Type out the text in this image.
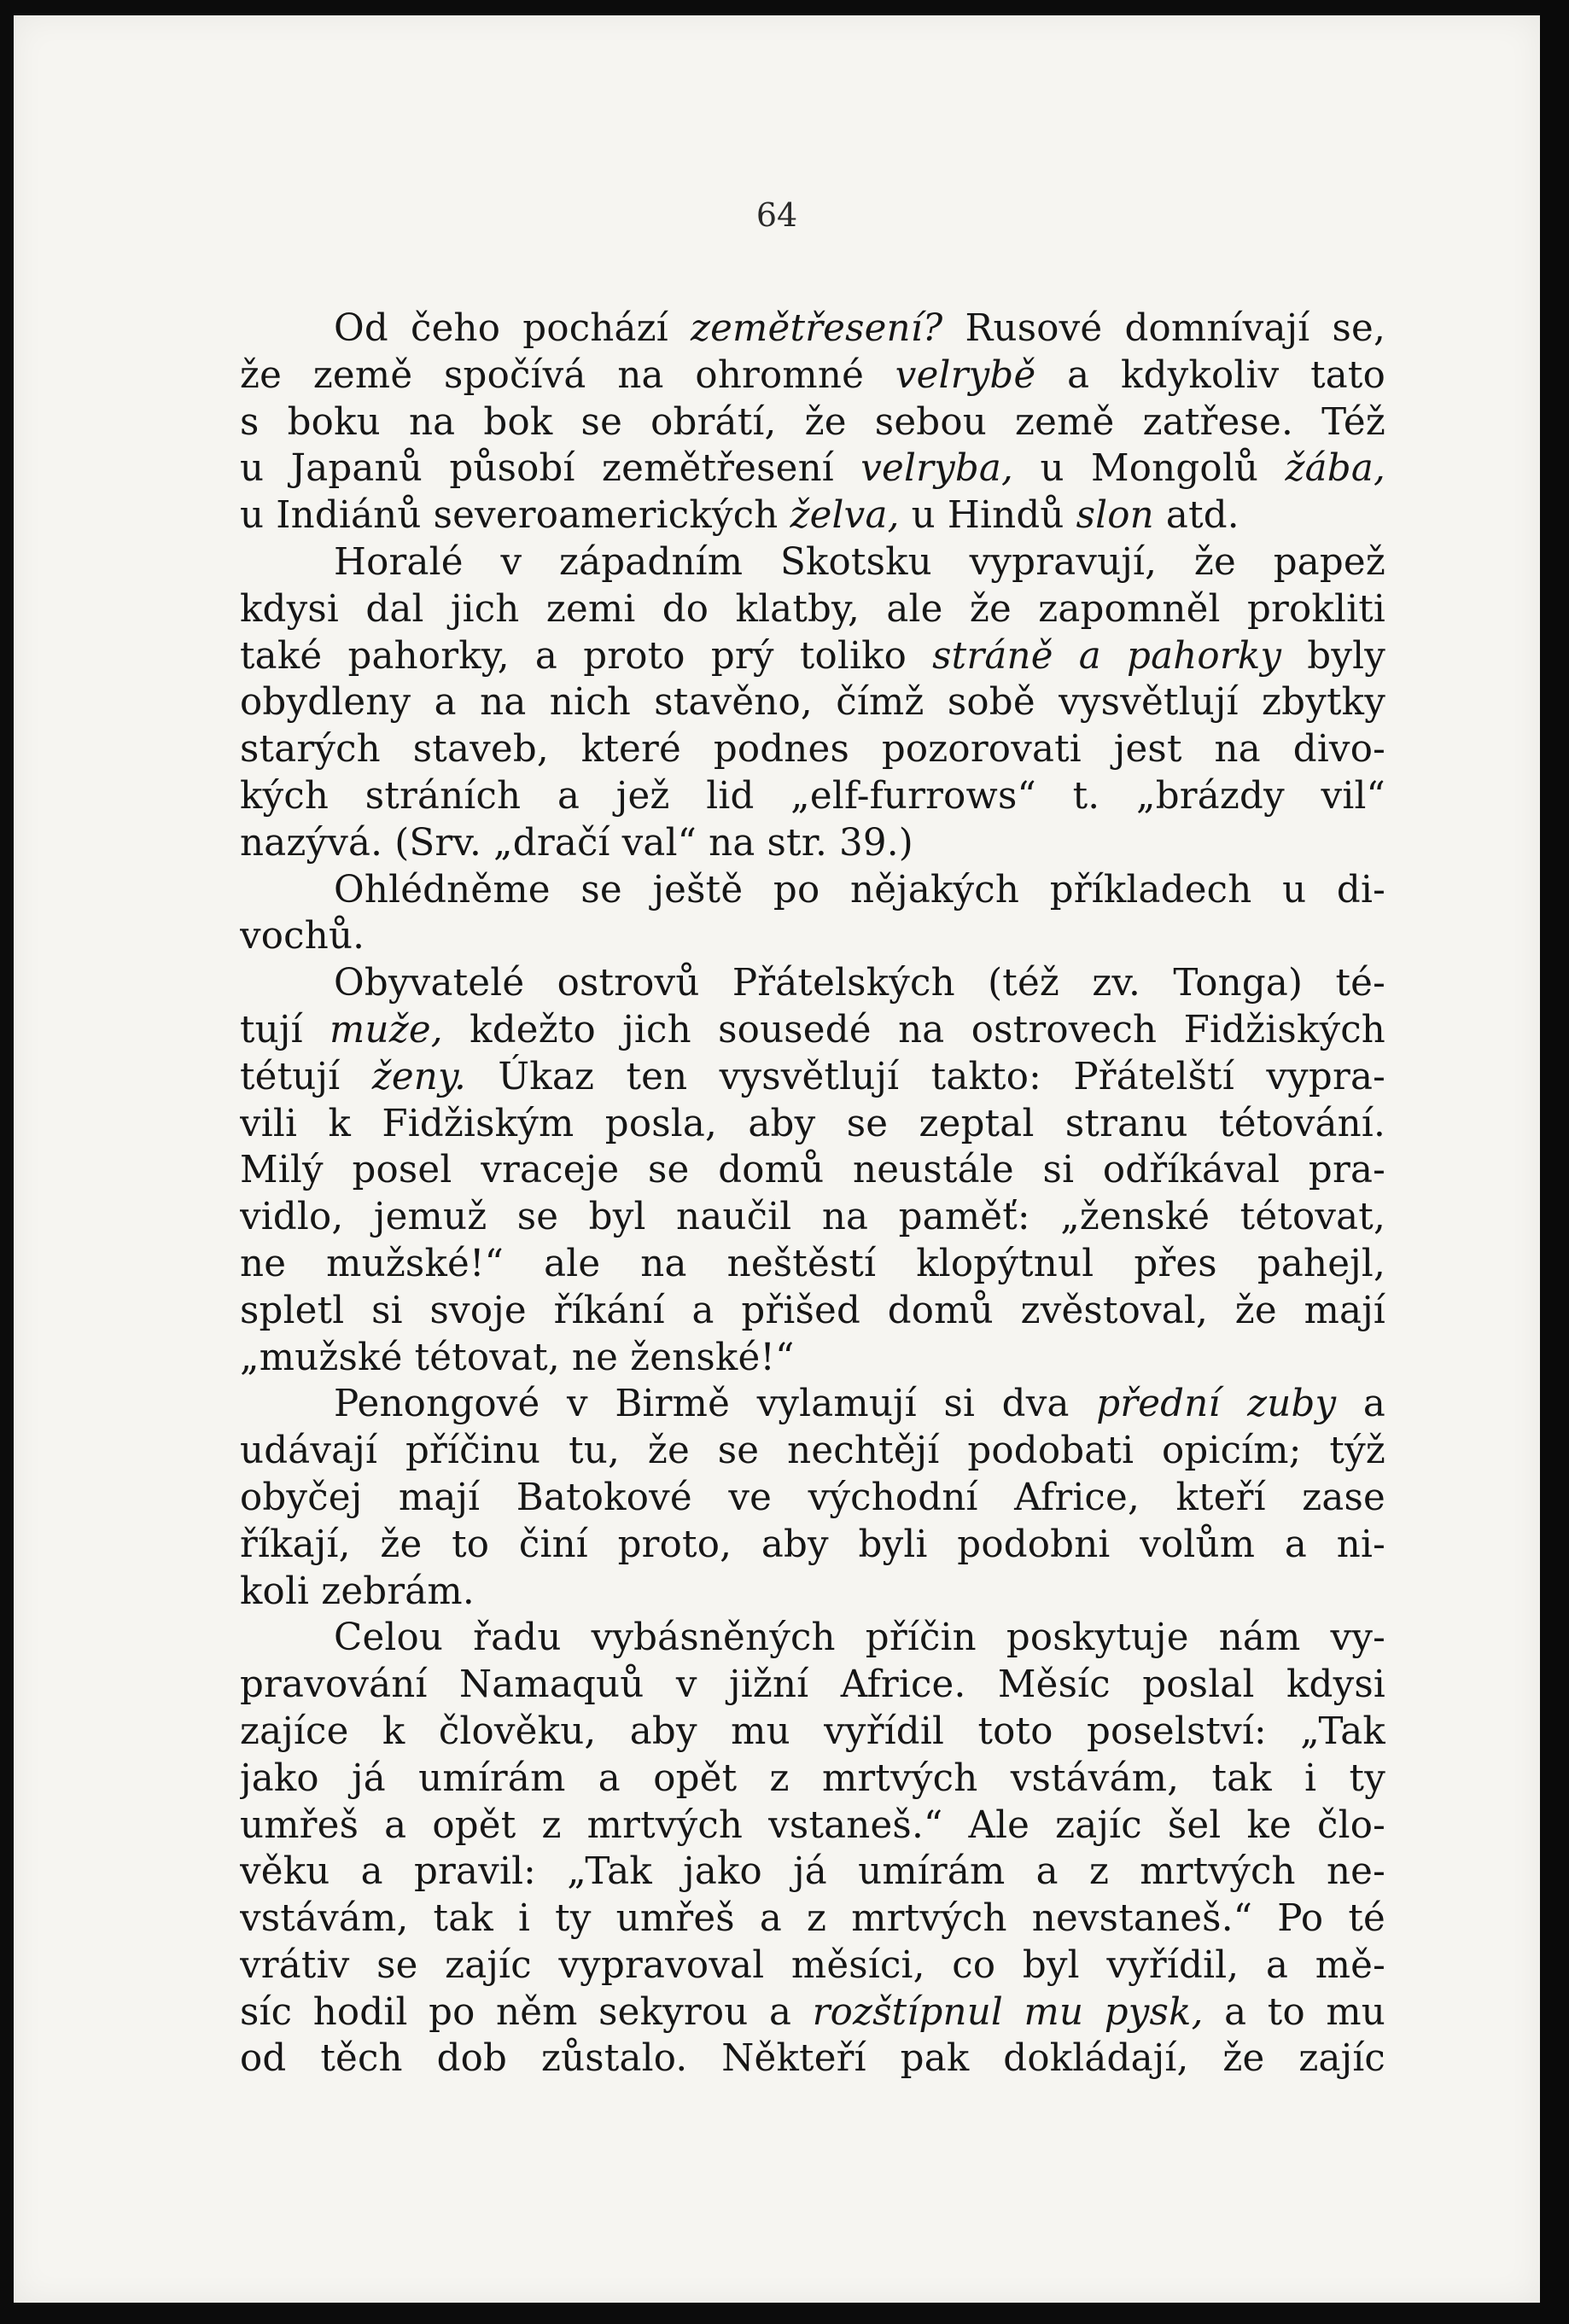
64
Od čeho pochází zemětřesení? Rusové domnívají se,
že země spočívá na ohromné velrybě a kdykoliv tato
s boku na bok se obrátí, že sebou země zatřese. Též
u Japanů působí zemětřesení velryba, u Mongolů žába,
u Indiánů severoamerických želva, u Hindů slon atd.
Horalé v západním Skotsku vypravují, že papež
kdysi dal jich zemi do klatby, ale že zapomněl prokliti
také pahorky, a proto prý toliko stráně a pahorky byly
obydleny a na nich stavěno, čímž sobě vysvětlují zbytky
starých staveb, které podnes pozorovati jest na divo-
kých stráních a jež lid „elf-furrows“ t. „brázdy vil“
nazývá. (Srv. „dračí val“ na str. 39.)
Ohlédněme se ještě po nějakých příkladech u di-
vochů.
Obyvatelé ostrovů Přátelských (též zv. Tonga) té-
tují muže, kdežto jich sousedé na ostrovech Fidžiských
tétují ženy. Úkaz ten vysvětlují takto: Přátelští vypra-
vili k Fidžiským posla, aby se zeptal stranu tétování.
Milý posel vraceje se domů neustále si odříkával pra-
vidlo, jemuž se byl naučil na paměť: „ženské tétovat,
ne mužské!“ ale na neštěstí klopýtnul přes pahejl,
spletl si svoje říkání a přišed domů zvěstoval, že mají
„mužské tétovat, ne ženské!“
Penongové v Birmě vylamují si dva přední zuby a
udávají příčinu tu, že se nechtějí podobati opicím; týž
obyčej mají Batokové ve východní Africe, kteří zase
říkají, že to činí proto, aby byli podobni volům a ni-
koli zebrám.
Celou řadu vybásněných příčin poskytuje nám vy-
pravování Namaquů v jižní Africe. Měsíc poslal kdysi
zajíce k člověku, aby mu vyřídil toto poselství: „Tak
jako já umírám a opět z mrtvých vstávám, tak i ty
umřeš a opět z mrtvých vstaneš.“ Ale zajíc šel ke člo-
věku a pravil: „Tak jako já umírám a z mrtvých ne-
vstávám, tak i ty umřeš a z mrtvých nevstaneš.“ Po té
vrátiv se zajíc vypravoval měsíci, co byl vyřídil, a mě-
síc hodil po něm sekyrou a rozštípnul mu pysk, a to mu
od těch dob zůstalo. Někteří pak dokládají, že zajíc
